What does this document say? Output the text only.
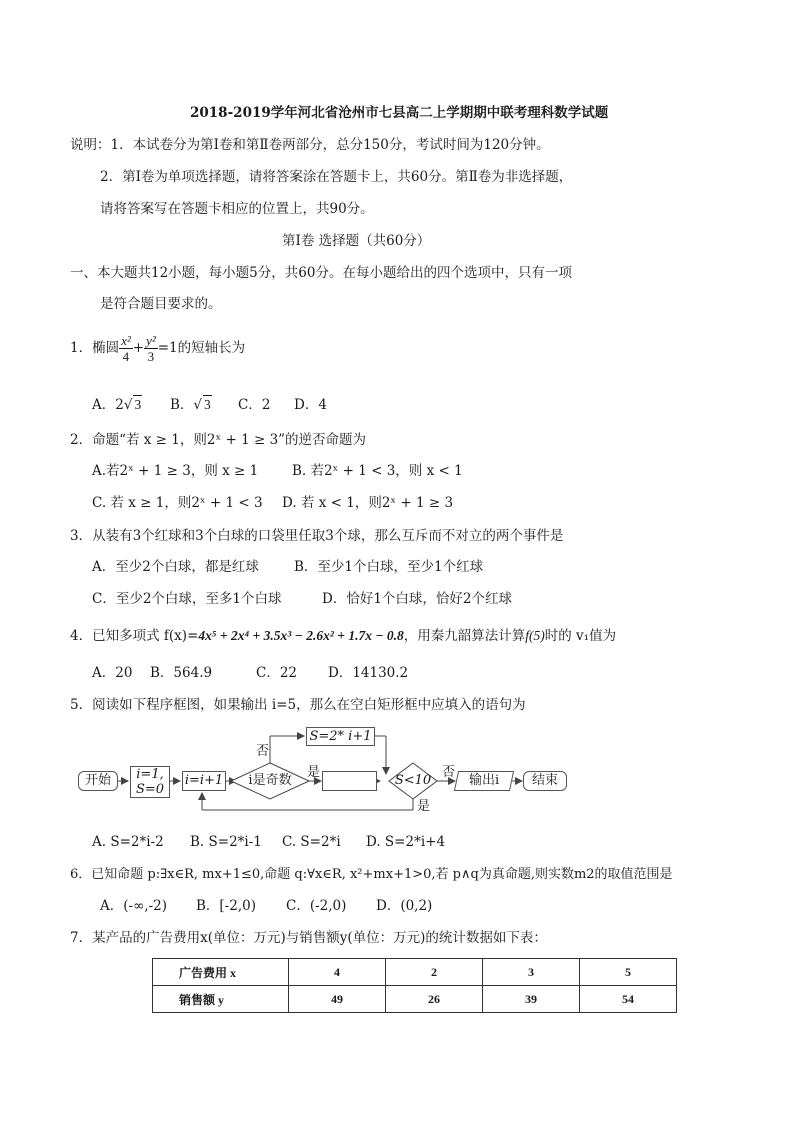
2018-2019学年河北省沧州市七县高二上学期期中联考理科数学试题
说明：1．本试卷分为第Ⅰ卷和第Ⅱ卷两部分，总分150分，考试时间为120分钟。
2．第Ⅰ卷为单项选择题，请将答案涂在答题卡上，共60分。第Ⅱ卷为非选择题，
请将答案写在答题卡相应的位置上，共90分。
第Ⅰ卷 选择题（共60分）
一、本大题共12小题，每小题5分，共60分。在每小题给出的四个选项中，只有一项
是符合题目要求的。
1．椭圆 $\frac{\text{x²}}{4} + \frac{\text{y²}}{3} =1$的短轴长为
A．2√ 3 B．√ 3 C．2 D．4
2．命题“若 x ≥ 1，则2ˣ + 1 ≥ 3”的逆否命题为
A.若2ˣ + 1 ≥ 3，则 x ≥ 1	B. 若2ˣ + 1 < 3，则 x < 1
C. 若 x ≥ 1，则2ˣ + 1 < 3 D. 若 x < 1，则2ˣ + 1 ≥ 3
3．从装有3个红球和3个白球的口袋里任取3个球，那么互斥而不对立的两个事件是
A．至少2个白球，都是红球	B．至少1个白球，至少1个红球
C．至少2个白球，至多1个白球	D．恰好1个白球，恰好2个红球
4．已知多项式 f(x)=4x⁵ + 2x⁴ + 3.5x³ − 2.6x² + 1.7x − 0.8，用秦九韶算法计算f(5)时的 v₁值为
A．20 B．564.9	C．22 D．14130.2
5．阅读如下程序框图，如果输出 i=5，那么在空白矩形框中应填入的语句为
开始	i=1,
S=0
i=i+1	i是奇数
否
是
S=2* i+1
S<10
否
是
输出i	结束
A. S=2*i-2 B. S=2*i-1 C. S=2*i D. S=2*i+4
6．已知命题 p:∃x∈R, mx+1≤0,命题 q:∀x∈R, x²+mx+1>0,若 p∧q为真命题,则实数m2的取值范围是
A．(-∞,-2) B．[-2,0) C．(-2,0) D．(0,2)
7．某产品的广告费用x(单位：万元)与销售额y(单位：万元)的统计数据如下表：
广告费用 x	4	2	3	5
销售额 y	49	26	39	54
